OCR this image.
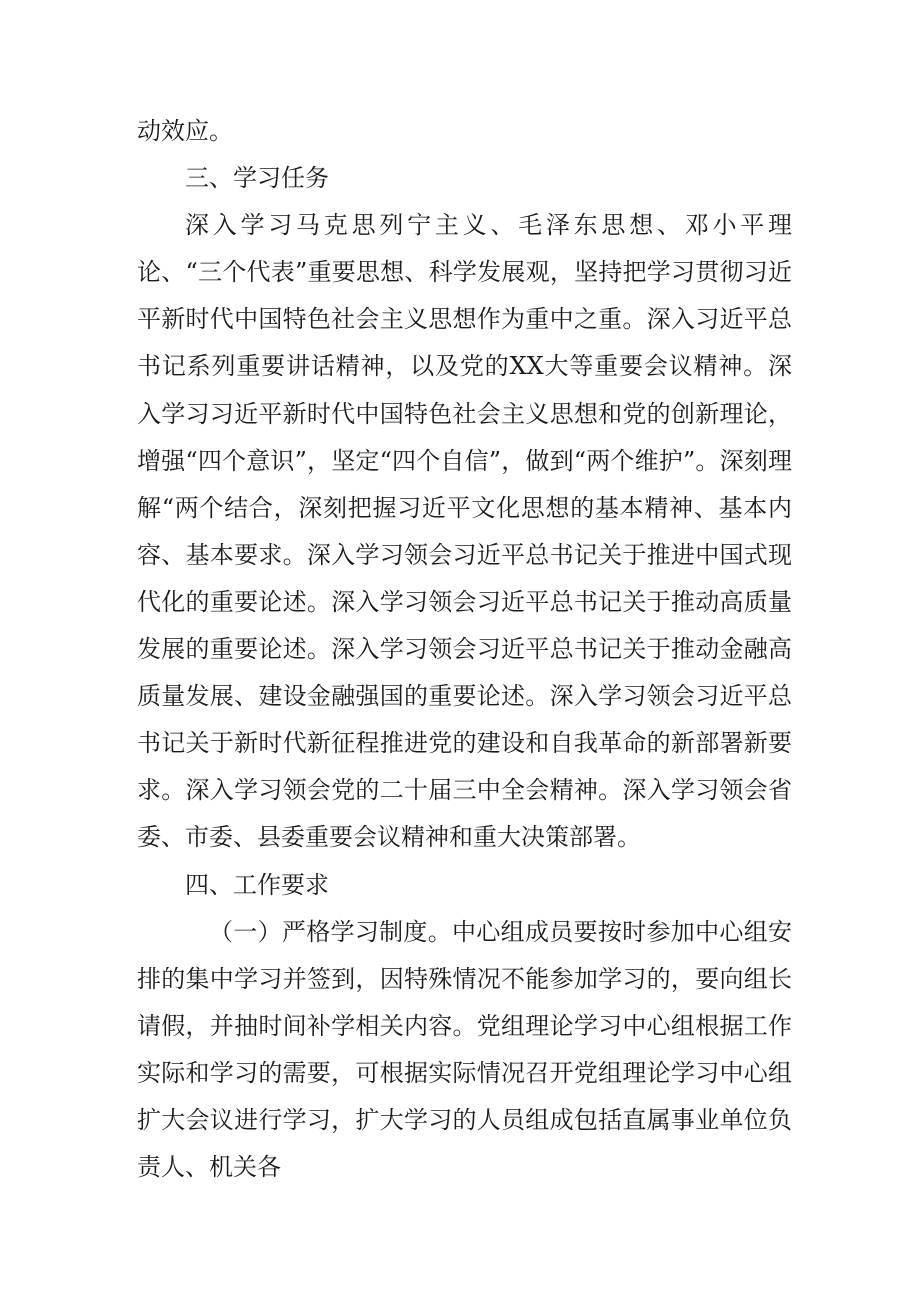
动效应。

三、学习任务

深入学习马克思列宁主义、毛泽东思想、邓小平理论、“三个代表”重要思想、科学发展观，坚持把学习贯彻习近平新时代中国特色社会主义思想作为重中之重。深入习近平总书记系列重要讲话精神，以及党的XX大等重要会议精神。深入学习习近平新时代中国特色社会主义思想和党的创新理论，增强“四个意识”，坚定“四个自信”，做到“两个维护”。深刻理解“两个结合，深刻把握习近平文化思想的基本精神、基本内容、基本要求。深入学习领会习近平总书记关于推进中国式现代化的重要论述。深入学习领会习近平总书记关于推动高质量发展的重要论述。深入学习领会习近平总书记关于推动金融高质量发展、建设金融强国的重要论述。深入学习领会习近平总书记关于新时代新征程推进党的建设和自我革命的新部署新要求。深入学习领会党的二十届三中全会精神。深入学习领会省委、市委、县委重要会议精神和重大决策部署。

四、工作要求

（一）严格学习制度。中心组成员要按时参加中心组安排的集中学习并签到，因特殊情况不能参加学习的，要向组长请假，并抽时间补学相关内容。党组理论学习中心组根据工作实际和学习的需要，可根据实际情况召开党组理论学习中心组扩大会议进行学习，扩大学习的人员组成包括直属事业单位负责人、机关各
